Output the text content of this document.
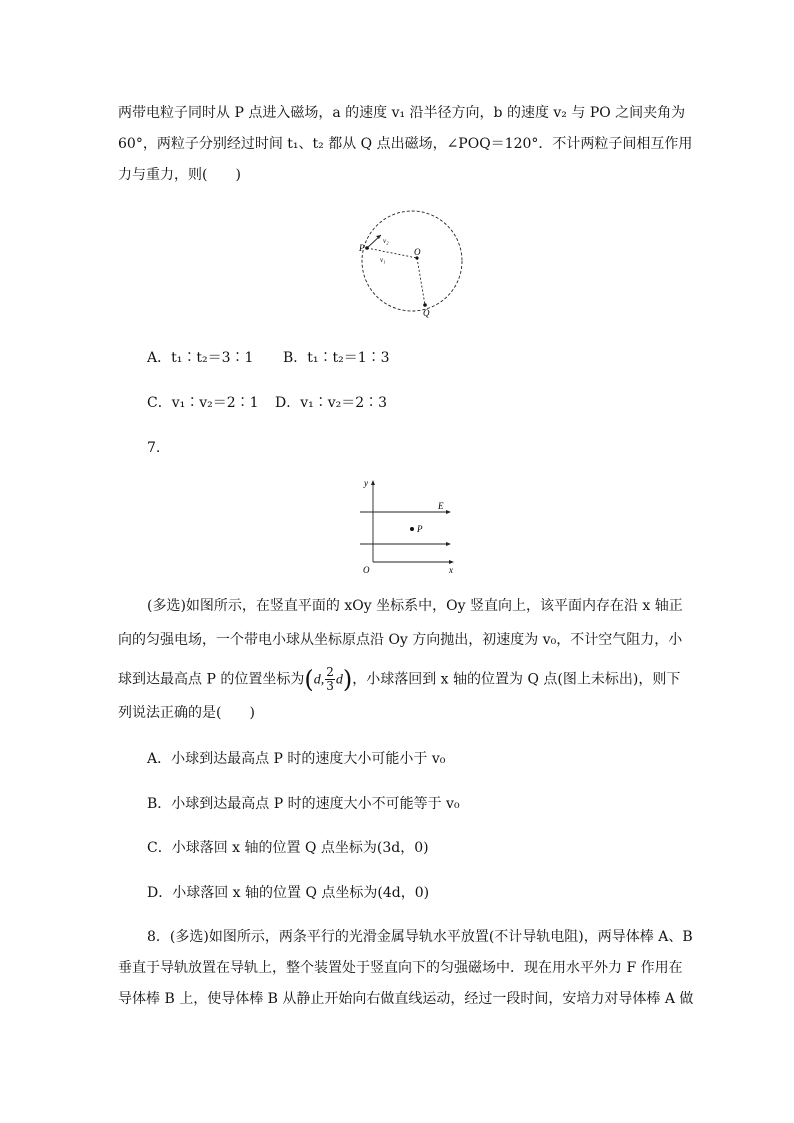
两带电粒子同时从 P 点进入磁场，a 的速度 v₁ 沿半径方向，b 的速度 v₂ 与 PO 之间夹角为
60°，两粒子分别经过时间 t₁、t₂ 都从 Q 点出磁场，∠POQ＝120°．不计两粒子间相互作用
力与重力，则(　　)
P	O
Q
v₂
v₁
A．t₁∶t₂＝3∶1 B．t₁∶t₂＝1∶3
C．v₁∶v₂＝2∶1 D．v₁∶v₂＝2∶3
7.
y
x
O
E
P
(多选)如图所示，在竖直平面的 xOy 坐标系中，Oy 竖直向上，该平面内存在沿 x 轴正
向的匀强电场，一个带电小球从坐标原点沿 Oy 方向抛出，初速度为 v₀，不计空气阻力，小
球到达最高点 P 的位置坐标为(d, $\frac{2}{3} d$)，小球落回到 x 轴的位置为 Q 点(图上未标出)，则下
列说法正确的是(　　)
A．小球到达最高点 P 时的速度大小可能小于 v₀
B．小球到达最高点 P 时的速度大小不可能等于 v₀
C．小球落回 x 轴的位置 Q 点坐标为(3d，0)
D．小球落回 x 轴的位置 Q 点坐标为(4d，0)
8．(多选)如图所示，两条平行的光滑金属导轨水平放置(不计导轨电阻)，两导体棒 A、B
垂直于导轨放置在导轨上，整个装置处于竖直向下的匀强磁场中．现在用水平外力 F 作用在
导体棒 B 上，使导体棒 B 从静止开始向右做直线运动，经过一段时间，安培力对导体棒 A 做
